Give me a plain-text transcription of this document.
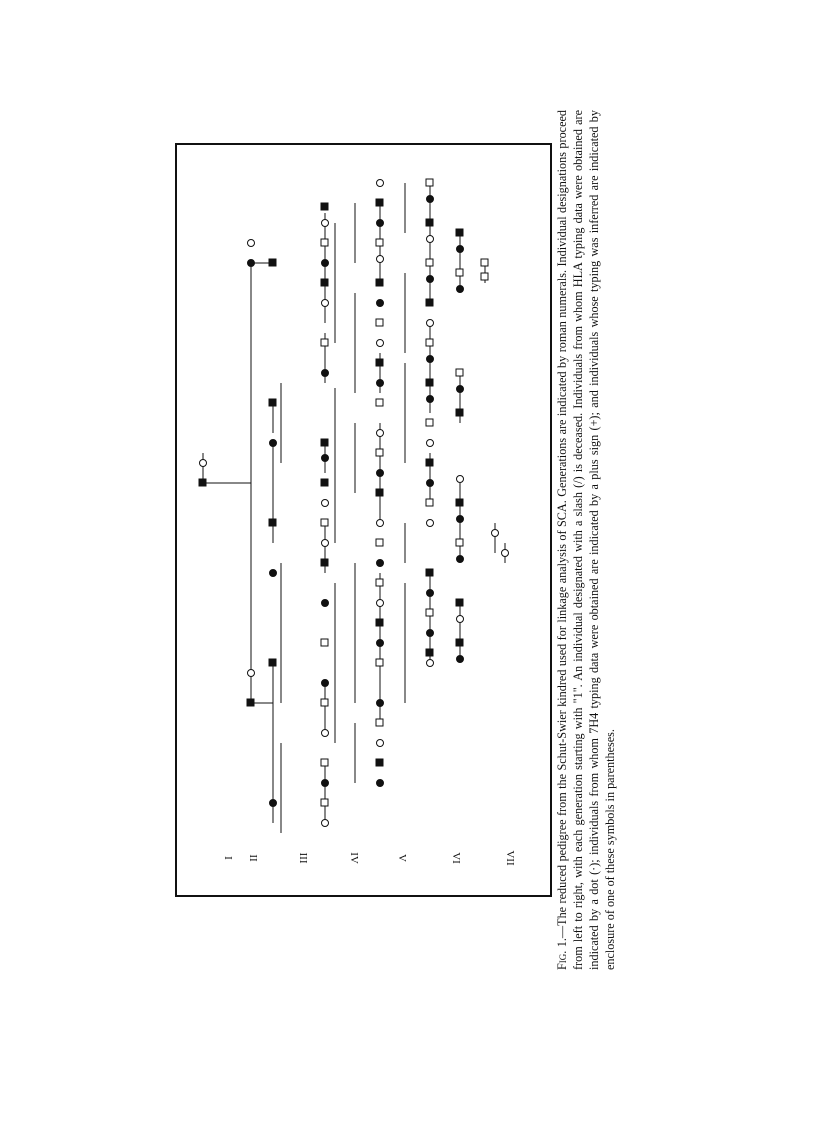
I II	III	IV	V	VI	VII
Fig. 1.—The reduced pedigree from the Schut-Swier kindred used for linkage analysis of SCA. Generations are indicated by roman numerals. Individual designations proceed from left to right, with each generation starting with "1". An individual designated with a slash (/) is deceased. Individuals from whom HLA typing data were obtained are indicated by a dot (·); individuals from whom 7H4 typing data were obtained are indicated by a plus sign (+); and individuals whose typing was inferred are indicated by enclosure of one of these symbols in parentheses.
